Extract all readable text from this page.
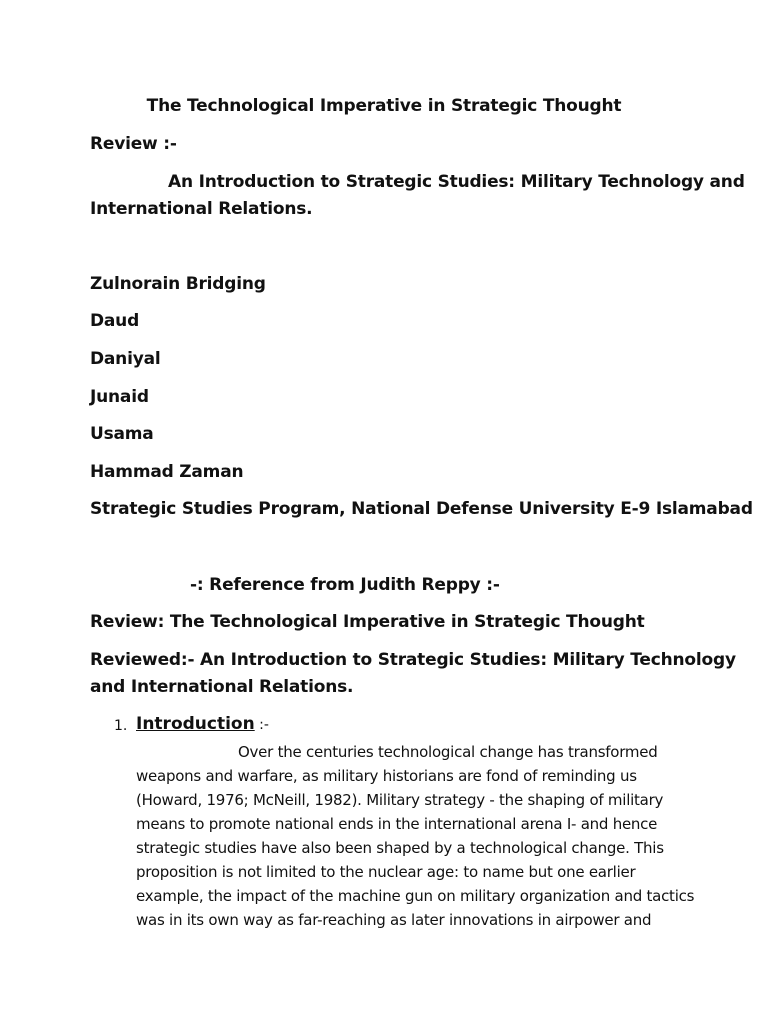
The Technological Imperative in Strategic Thought
Review :-
An Introduction to Strategic Studies: Military Technology and
International Relations.
Zulnorain Bridging
Daud
Daniyal
Junaid
Usama
Hammad Zaman
Strategic Studies Program, National Defense University E-9 Islamabad
-: Reference from Judith Reppy :-
Review: The Technological Imperative in Strategic Thought
Reviewed:- An Introduction to Strategic Studies: Military Technology
and International Relations.
1. Introduction :-
Over the centuries technological change has transformed
weapons and warfare, as military historians are fond of reminding us
(Howard, 1976; McNeill, 1982). Military strategy - the shaping of military
means to promote national ends in the international arena I- and hence
strategic studies have also been shaped by a technological change. This
proposition is not limited to the nuclear age: to name but one earlier
example, the impact of the machine gun on military organization and tactics
was in its own way as far-reaching as later innovations in airpower and
